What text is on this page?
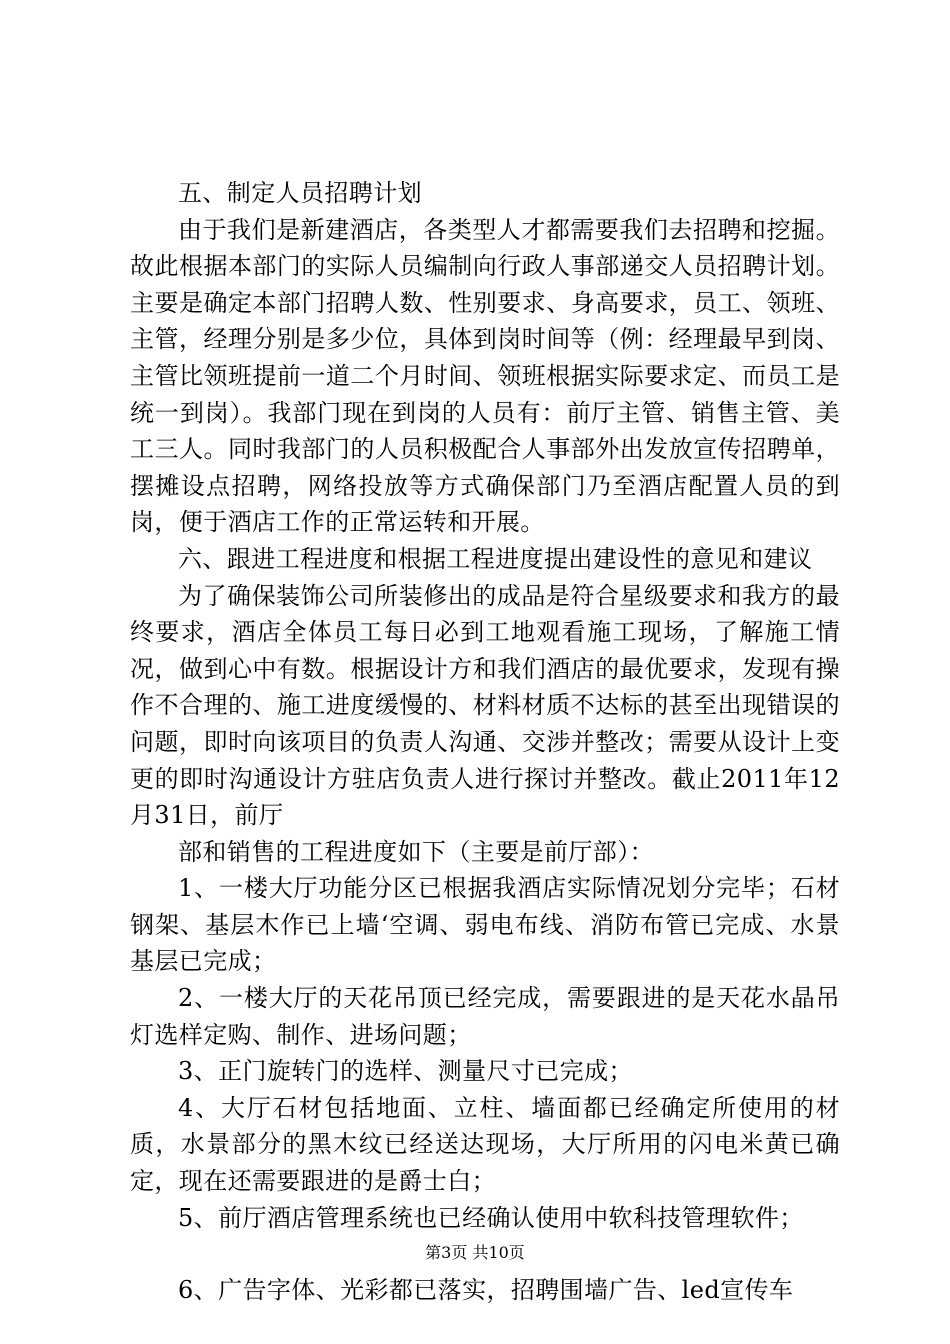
五、制定人员招聘计划

由于我们是新建酒店，各类型人才都需要我们去招聘和挖掘。故此根据本部门的实际人员编制向行政人事部递交人员招聘计划。主要是确定本部门招聘人数、性别要求、身高要求，员工、领班、主管，经理分别是多少位，具体到岗时间等（例：经理最早到岗、主管比领班提前一道二个月时间、领班根据实际要求定、而员工是统一到岗）。我部门现在到岗的人员有：前厅主管、销售主管、美工三人。同时我部门的人员积极配合人事部外出发放宣传招聘单，摆摊设点招聘，网络投放等方式确保部门乃至酒店配置人员的到岗，便于酒店工作的正常运转和开展。

六、跟进工程进度和根据工程进度提出建设性的意见和建议

为了确保装饰公司所装修出的成品是符合星级要求和我方的最终要求，酒店全体员工每日必到工地观看施工现场，了解施工情况，做到心中有数。根据设计方和我们酒店的最优要求，发现有操作不合理的、施工进度缓慢的、材料材质不达标的甚至出现错误的问题，即时向该项目的负责人沟通、交涉并整改；需要从设计上变更的即时沟通设计方驻店负责人进行探讨并整改。截止2011年12月31日，前厅

部和销售的工程进度如下（主要是前厅部）：

1、一楼大厅功能分区已根据我酒店实际情况划分完毕；石材钢架、基层木作已上墙‘空调、弱电布线、消防布管已完成、水景基层已完成；

2、一楼大厅的天花吊顶已经完成，需要跟进的是天花水晶吊灯选样定购、制作、进场问题；

3、正门旋转门的选样、测量尺寸已完成；

4、大厅石材包括地面、立柱、墙面都已经确定所使用的材质，水景部分的黑木纹已经送达现场，大厅所用的闪电米黄已确定，现在还需要跟进的是爵士白；

5、前厅酒店管理系统也已经确认使用中软科技管理软件；

6、广告字体、光彩都已落实，招聘围墙广告、led宣传车

第3页 共10页
